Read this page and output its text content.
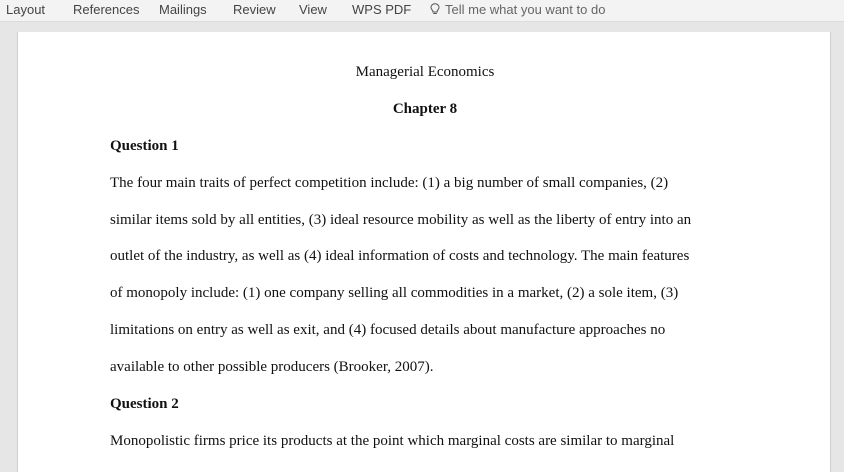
Layout References Mailings Review View WPS PDF	Tell me what you want to do
Managerial Economics
Chapter 8
Question 1
The four main traits of perfect competition include: (1) a big number of small companies, (2)
similar items sold by all entities, (3) ideal resource mobility as well as the liberty of entry into an
outlet of the industry, as well as (4) ideal information of costs and technology. The main features
of monopoly include: (1) one company selling all commodities in a market, (2) a sole item, (3)
limitations on entry as well as exit, and (4) focused details about manufacture approaches no
available to other possible producers (Brooker, 2007).
Question 2
Monopolistic firms price its products at the point which marginal costs are similar to marginal
